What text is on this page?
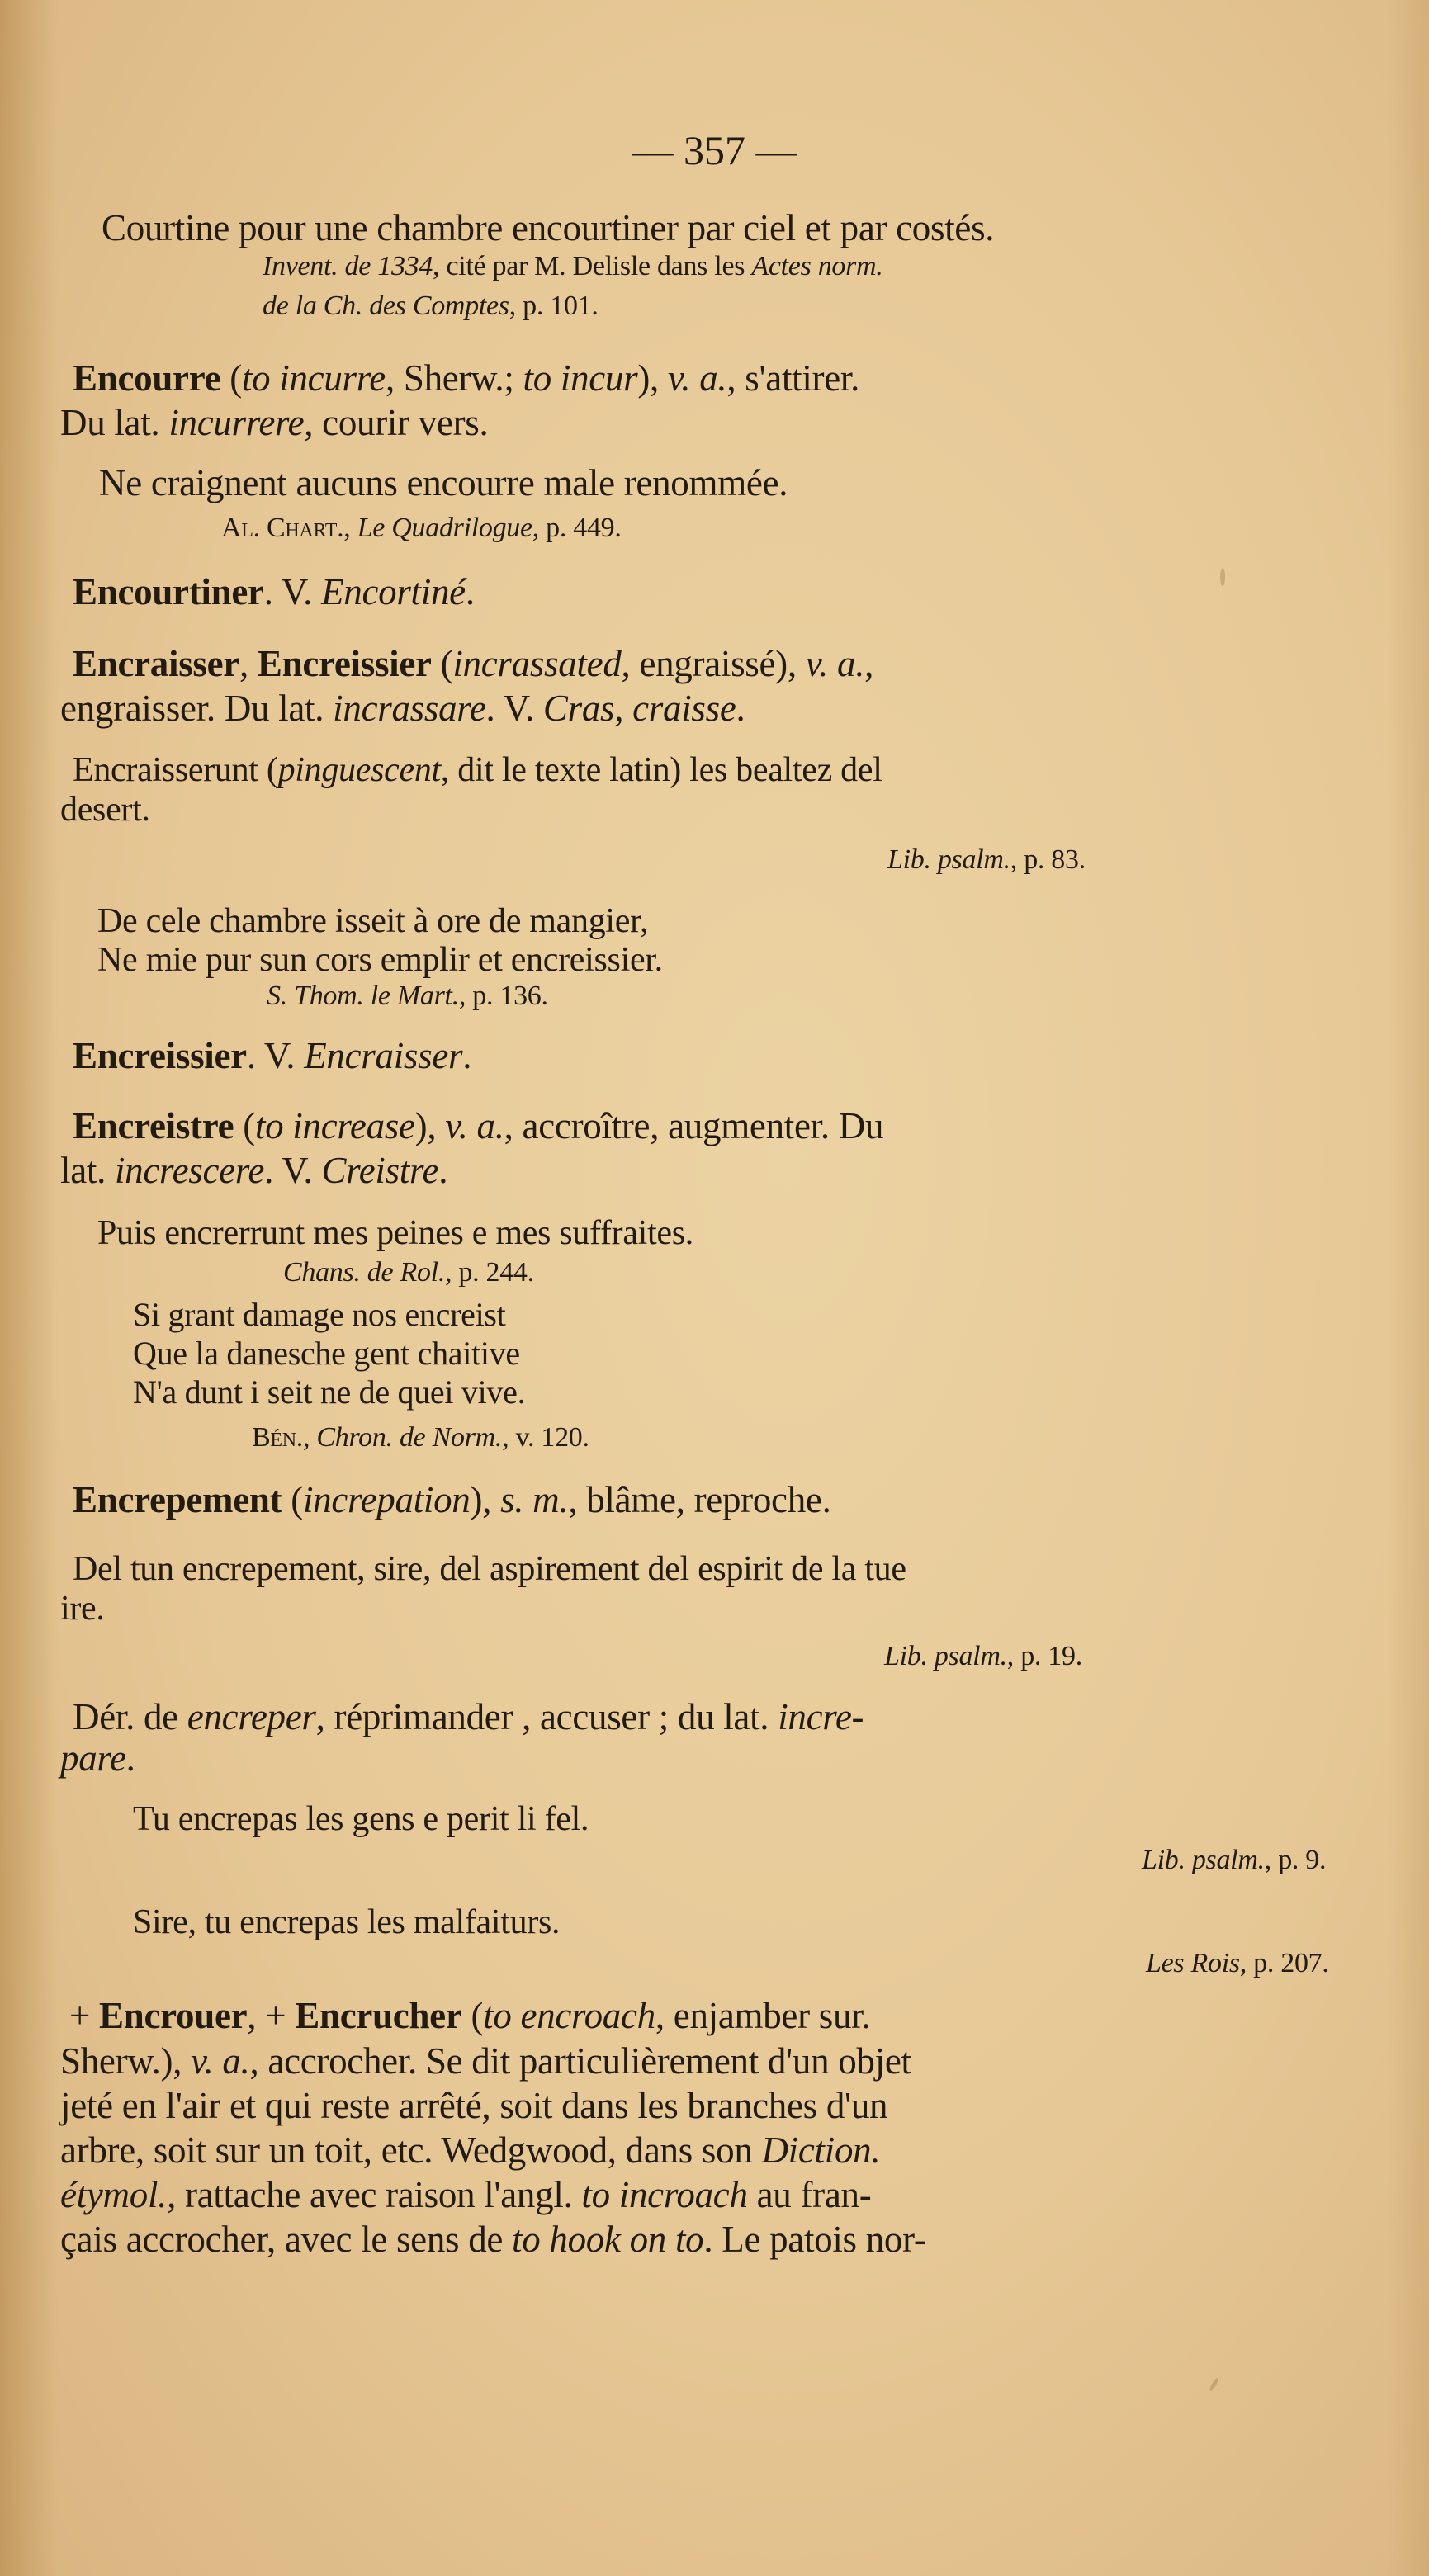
— 357 —
Courtine pour une chambre encourtiner par ciel et par costés.
Invent. de 1334, cité par M. Delisle dans les Actes norm.
de la Ch. des Comptes, p. 101.
Encourre (to incurre, Sherw.; to incur), v. a., s'attirer.
Du lat. incurrere, courir vers.
Ne craignent aucuns encourre male renommée.
Al. Chart., Le Quadrilogue, p. 449.
Encourtiner. V. Encortiné.
Encraisser, Encreissier (incrassated, engraissé), v. a.,
engraisser. Du lat. incrassare. V. Cras, craisse.
Encraisserunt (pinguescent, dit le texte latin) les bealtez del
desert.
Lib. psalm., p. 83.
De cele chambre isseit à ore de mangier,
Ne mie pur sun cors emplir et encreissier.
S. Thom. le Mart., p. 136.
Encreissier. V. Encraisser.
Encreistre (to increase), v. a., accroître, augmenter. Du
lat. increscere. V. Creistre.
Puis encrerrunt mes peines e mes suffraites.
Chans. de Rol., p. 244.
Si grant damage nos encreist
Que la danesche gent chaitive
N'a dunt i seit ne de quei vive.
Bén., Chron. de Norm., v. 120.
Encrepement (increpation), s. m., blâme, reproche.
Del tun encrepement, sire, del aspirement del espirit de la tue
ire.
Lib. psalm., p. 19.
Dér. de encreper, réprimander , accuser ; du lat. incre-
pare.
Tu encrepas les gens e perit li fel.
Lib. psalm., p. 9.
Sire, tu encrepas les malfaiturs.
Les Rois, p. 207.
+ Encrouer, + Encrucher (to encroach, enjamber sur.
Sherw.), v. a., accrocher. Se dit particulièrement d'un objet
jeté en l'air et qui reste arrêté, soit dans les branches d'un
arbre, soit sur un toit, etc. Wedgwood, dans son Diction.
étymol., rattache avec raison l'angl. to incroach au fran-
çais accrocher, avec le sens de to hook on to. Le patois nor-
